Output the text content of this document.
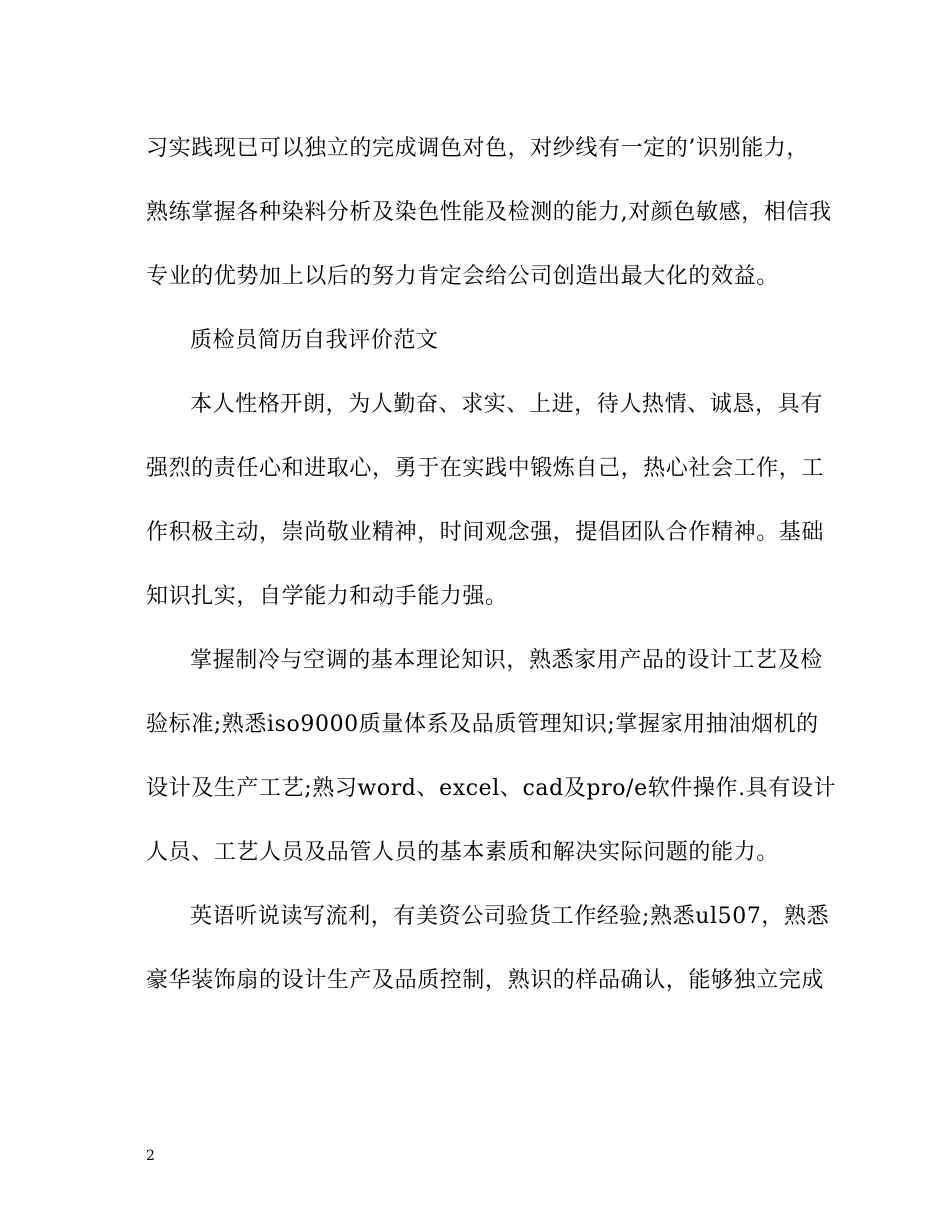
习实践现已可以独立的完成调色对色，对纱线有一定的’识别能力，

熟练掌握各种染料分析及染色性能及检测的能力,对颜色敏感，相信我

专业的优势加上以后的努力肯定会给公司创造出最大化的效益。

质检员简历自我评价范文

本人性格开朗，为人勤奋、求实、上进，待人热情、诚恳，具有

强烈的责任心和进取心，勇于在实践中锻炼自己，热心社会工作，工

作积极主动，崇尚敬业精神，时间观念强，提倡团队合作精神。基础

知识扎实，自学能力和动手能力强。

掌握制冷与空调的基本理论知识，熟悉家用产品的设计工艺及检

验标准;熟悉iso9000质量体系及品质管理知识;掌握家用抽油烟机的

设计及生产工艺;熟习word、excel、cad及pro/e软件操作.具有设计

人员、工艺人员及品管人员的基本素质和解决实际问题的能力。

英语听说读写流利，有美资公司验货工作经验;熟悉ul507，熟悉

豪华装饰扇的设计生产及品质控制，熟识的样品确认，能够独立完成

2
